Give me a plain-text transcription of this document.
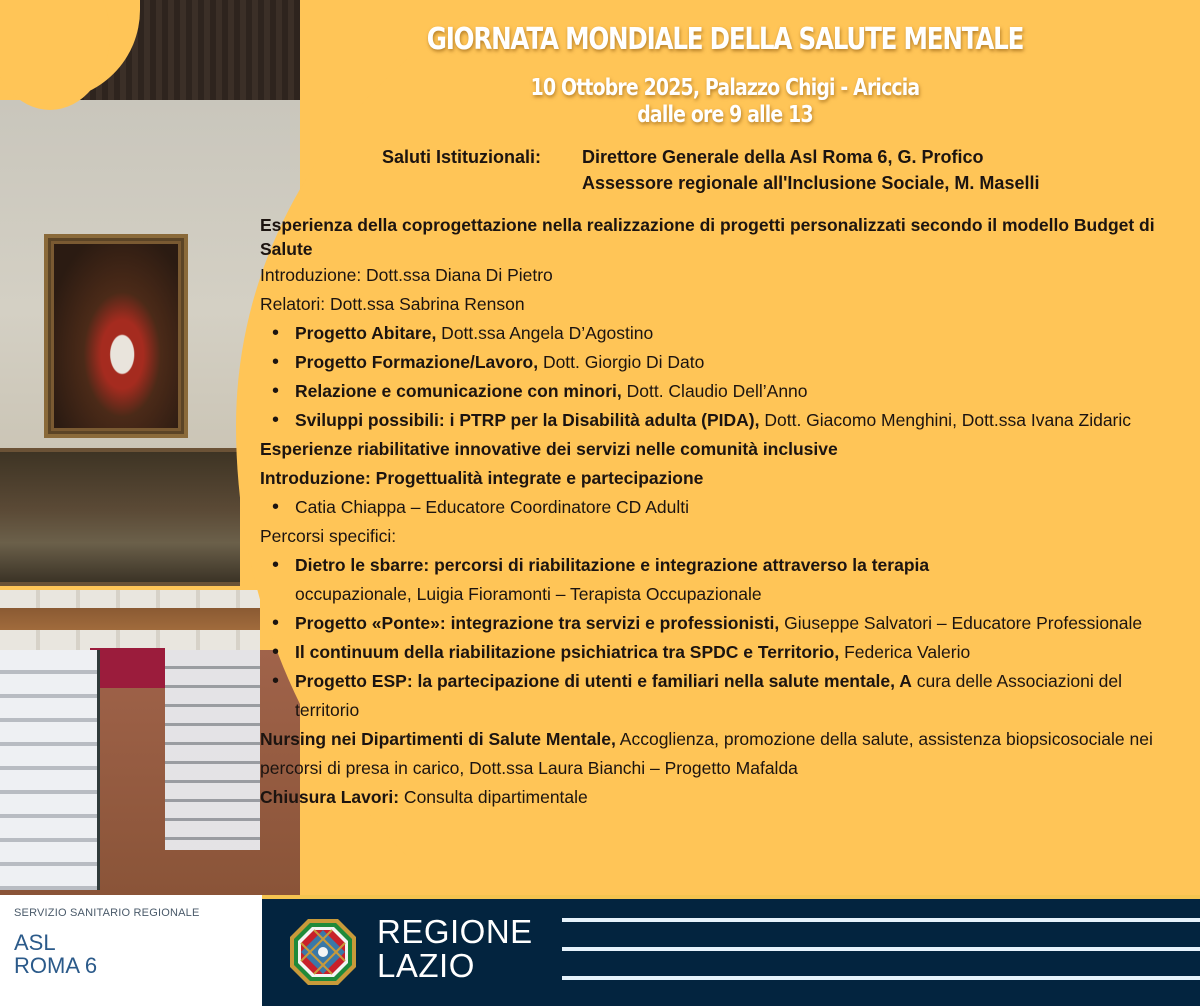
GIORNATA MONDIALE DELLA SALUTE MENTALE
10 Ottobre 2025, Palazzo Chigi - Ariccia
dalle ore 9 alle 13
Saluti Istituzionali: Direttore Generale della Asl Roma 6, G. Profico
Assessore regionale all'Inclusione Sociale, M. Maselli
Esperienza della coprogettazione nella realizzazione di progetti personalizzati secondo il modello Budget di Salute
Introduzione: Dott.ssa Diana Di Pietro
Relatori: Dott.ssa Sabrina Renson
• Progetto Abitare, Dott.ssa Angela D’Agostino
• Progetto Formazione/Lavoro, Dott. Giorgio Di Dato
• Relazione e comunicazione con minori, Dott. Claudio Dell’Anno
• Sviluppi possibili: i PTRP per la Disabilità adulta (PIDA), Dott. Giacomo Menghini, Dott.ssa Ivana Zidaric
Esperienze riabilitative innovative dei servizi nelle comunità inclusive
Introduzione: Progettualità integrate e partecipazione
• Catia Chiappa – Educatore Coordinatore CD Adulti
Percorsi specifici:
• Dietro le sbarre: percorsi di riabilitazione e integrazione attraverso la terapia
occupazionale, Luigia Fioramonti – Terapista Occupazionale
• Progetto «Ponte»: integrazione tra servizi e professionisti, Giuseppe Salvatori – Educatore Professionale
• Il continuum della riabilitazione psichiatrica tra SPDC e Territorio, Federica Valerio
• Progetto ESP: la partecipazione di utenti e familiari nella salute mentale, A cura delle Associazioni del territorio
Nursing nei Dipartimenti di Salute Mentale, Accoglienza, promozione della salute, assistenza biopsicosociale nei percorsi di presa in carico, Dott.ssa Laura Bianchi – Progetto Mafalda
Chiusura Lavori: Consulta dipartimentale
SERVIZIO SANITARIO REGIONALE
ASL
ROMA 6
REGIONE
LAZIO
